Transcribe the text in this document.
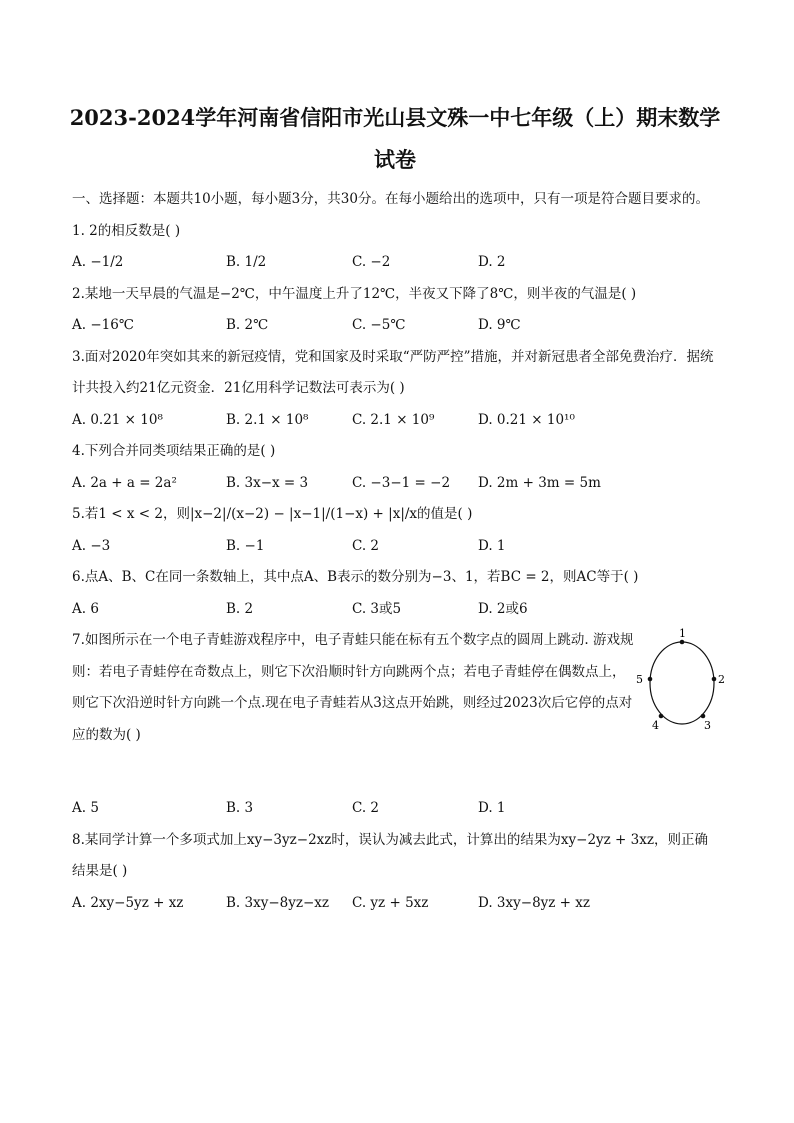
2023-2024学年河南省信阳市光山县文殊一中七年级（上）期末数学试卷
一、选择题：本题共10小题，每小题3分，共30分。在每小题给出的选项中，只有一项是符合题目要求的。
1. 2的相反数是( )
A. −1/2	B. 1/2	C. −2	D. 2
2.某地一天早晨的气温是−2℃，中午温度上升了12℃，半夜又下降了8℃，则半夜的气温是( )
A. −16℃	B. 2℃	C. −5℃	D. 9℃
3.面对2020年突如其来的新冠疫情，党和国家及时采取“严防严控”措施，并对新冠患者全部免费治疗．据统计共投入约21亿元资金．21亿用科学记数法可表示为( )
A. 0.21 × 10⁸	B. 2.1 × 10⁸	C. 2.1 × 10⁹	D. 0.21 × 10¹⁰
4.下列合并同类项结果正确的是( )
A. 2a + a = 2a²	B. 3x−x = 3	C. −3−1 = −2 D. 2m + 3m = 5m
5.若1 < x < 2，则|x−2|/(x−2) − |x−1|/(1−x) + |x|/x的值是( )
A. −3	B. −1	C. 2	D. 1
6.点A、B、C在同一条数轴上，其中点A、B表示的数分别为−3、1，若BC = 2，则AC等于( )
A. 6	B. 2	C. 3或5	D. 2或6
7.如图所示在一个电子青蛙游戏程序中，电子青蛙只能在标有五个数字点的圆周上跳动. 游戏规则：若电子青蛙停在奇数点上，则它下次沿顺时针方向跳两个点；若电子青蛙停在偶数点上，则它下次沿逆时针方向跳一个点.现在电子青蛙若从3这点开始跳，则经过2023次后它停的点对应的数为( )
1
2
3
4
5
A. 5	B. 3	C. 2	D. 1
8.某同学计算一个多项式加上xy−3yz−2xz时，误认为减去此式，计算出的结果为xy−2yz + 3xz，则正确结果是( )
A. 2xy−5yz + xz	B. 3xy−8yz−xz C. yz + 5xz	D. 3xy−8yz + xz
